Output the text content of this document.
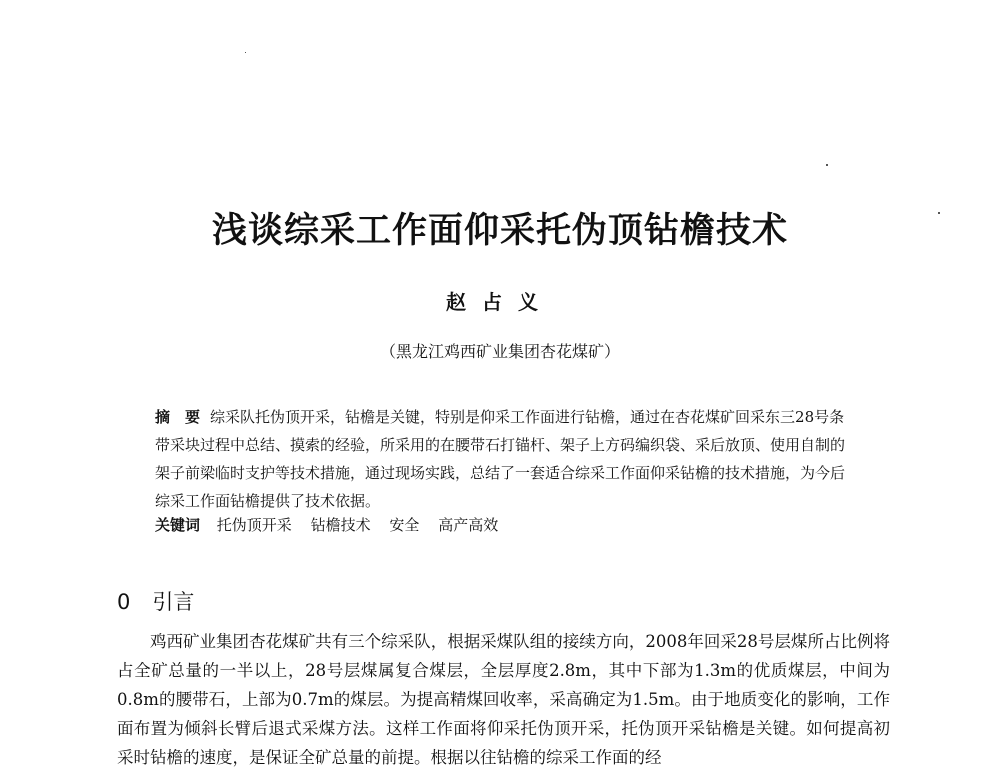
浅谈综采工作面仰采托伪顶钻檐技术
赵占义
（黑龙江鸡西矿业集团杏花煤矿）
摘　要 综采队托伪顶开采，钻檐是关键，特别是仰采工作面进行钻檐，通过在杏花煤矿回采东三28号条带采块过程中总结、摸索的经验，所采用的在腰带石打锚杆、架子上方码编织袋、采后放顶、使用自制的架子前梁临时支护等技术措施，通过现场实践，总结了一套适合综采工作面仰采钻檐的技术措施，为今后综采工作面钻檐提供了技术依据。
关键词 托伪顶开采 钻檐技术 安全 高产高效
0 引言
鸡西矿业集团杏花煤矿共有三个综采队，根据采煤队组的接续方向，2008年回采28号层煤所占比例将占全矿总量的一半以上，28号层煤属复合煤层，全层厚度2.8m，其中下部为1.3m的优质煤层，中间为0.8m的腰带石，上部为0.7m的煤层。为提高精煤回收率，采高确定为1.5m。由于地质变化的影响，工作面布置为倾斜长臂后退式采煤方法。这样工作面将仰采托伪顶开采，托伪顶开采钻檐是关键。如何提高初采时钻檐的速度，是保证全矿总量的前提。根据以往钻檐的综采工作面的经
